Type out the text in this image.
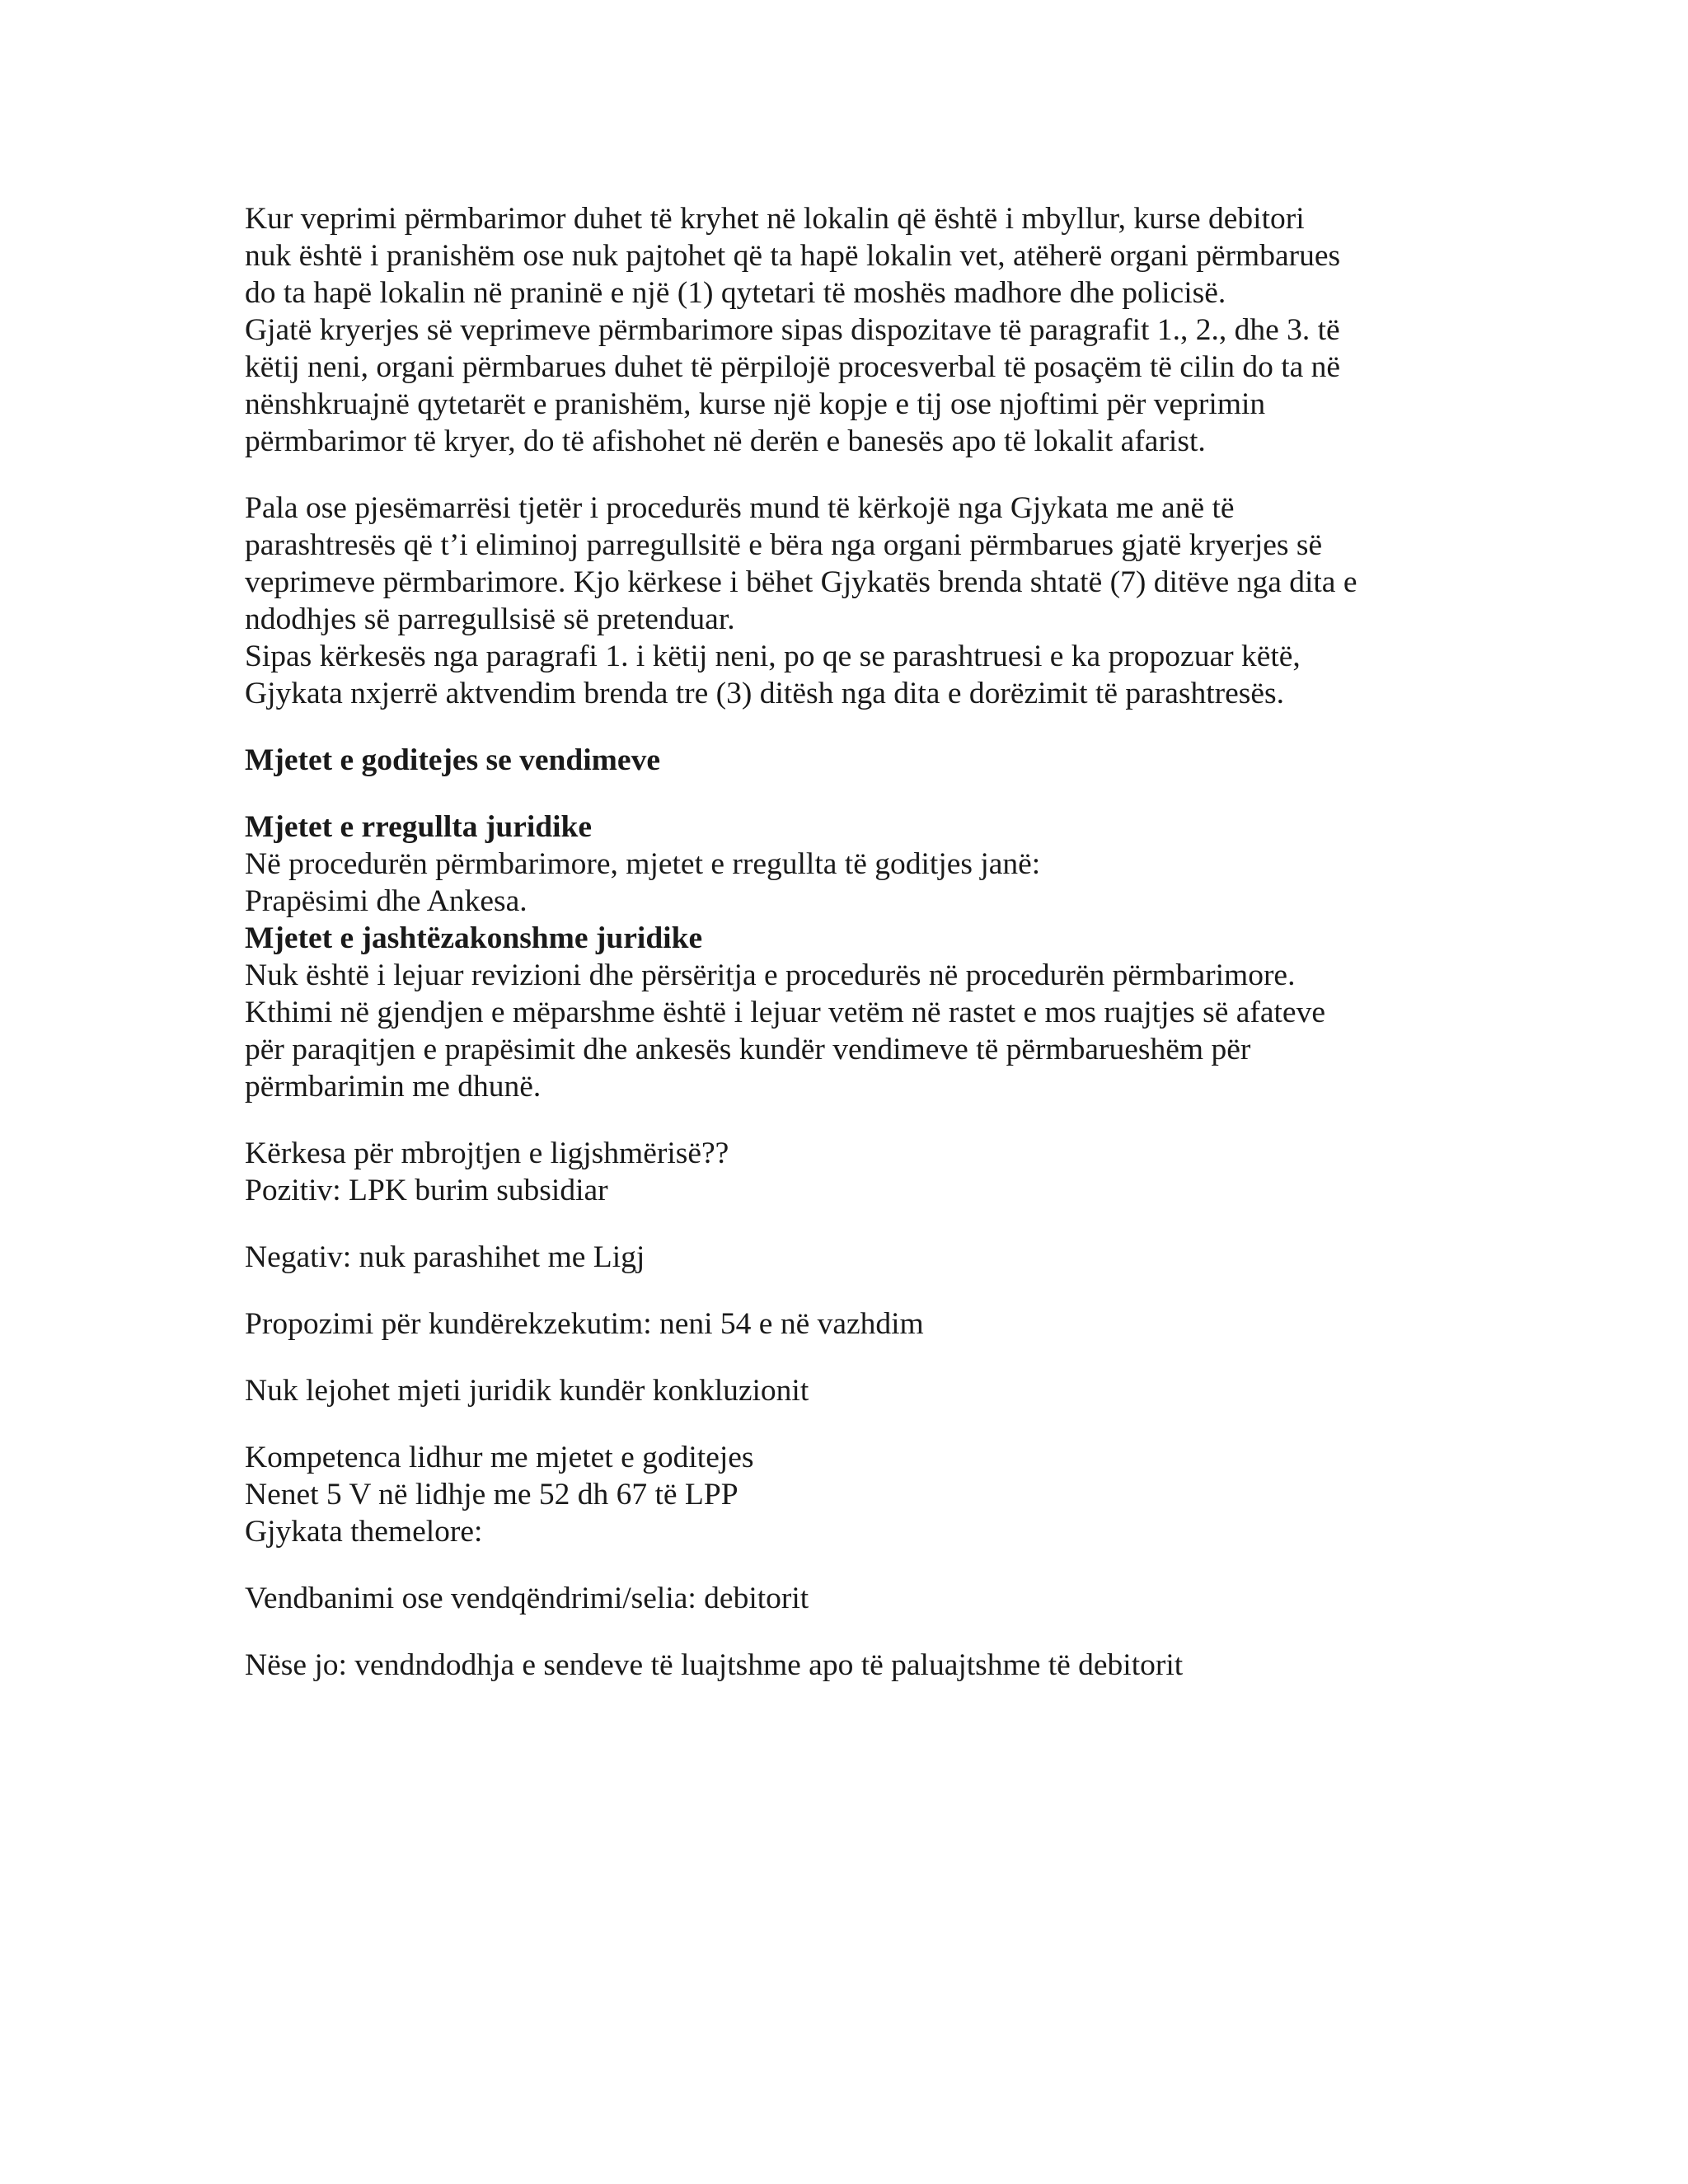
Kur veprimi përmbarimor duhet të kryhet në lokalin që është i mbyllur, kurse debitori
nuk është i pranishëm ose nuk pajtohet që ta hapë lokalin vet, atëherë organi përmbarues
do ta hapë lokalin në praninë e një (1) qytetari të moshës madhore dhe policisë.
Gjatë kryerjes së veprimeve përmbarimore sipas dispozitave të paragrafit 1., 2., dhe 3. të
këtij neni, organi përmbarues duhet të përpilojë procesverbal të posaçëm të cilin do ta në
nënshkruajnë qytetarët e pranishëm, kurse një kopje e tij ose njoftimi për veprimin
përmbarimor të kryer, do të afishohet në derën e banesës apo të lokalit afarist.
Pala ose pjesëmarrësi tjetër i procedurës mund të kërkojë nga Gjykata me anë të
parashtresës që t’i eliminoj parregullsitë e bëra nga organi përmbarues gjatë kryerjes së
veprimeve përmbarimore. Kjo kërkese i bëhet Gjykatës brenda shtatë (7) ditëve nga dita e
ndodhjes së parregullsisë së pretenduar.
Sipas kërkesës nga paragrafi 1. i këtij neni, po qe se parashtruesi e ka propozuar këtë,
Gjykata nxjerrë aktvendim brenda tre (3) ditësh nga dita e dorëzimit të parashtresës.
Mjetet e goditejes se vendimeve
Mjetet e rregullta juridike
Në procedurën përmbarimore, mjetet e rregullta të goditjes janë:
Prapësimi dhe Ankesa.
Mjetet e jashtëzakonshme juridike
Nuk është i lejuar revizioni dhe përsëritja e procedurës në procedurën përmbarimore.
Kthimi në gjendjen e mëparshme është i lejuar vetëm në rastet e mos ruajtjes së afateve
për paraqitjen e prapësimit dhe ankesës kundër vendimeve të përmbarueshëm për
përmbarimin me dhunë.
Kërkesa për mbrojtjen e ligjshmërisë??
Pozitiv: LPK burim subsidiar
Negativ: nuk parashihet me Ligj
Propozimi për kundërekzekutim: neni 54 e në vazhdim
Nuk lejohet mjeti juridik kundër konkluzionit
Kompetenca lidhur me mjetet e goditejes
Nenet 5 V në lidhje me 52 dh 67 të LPP
Gjykata themelore:
Vendbanimi ose vendqëndrimi/selia: debitorit
Nëse jo: vendndodhja e sendeve të luajtshme apo të paluajtshme të debitorit
